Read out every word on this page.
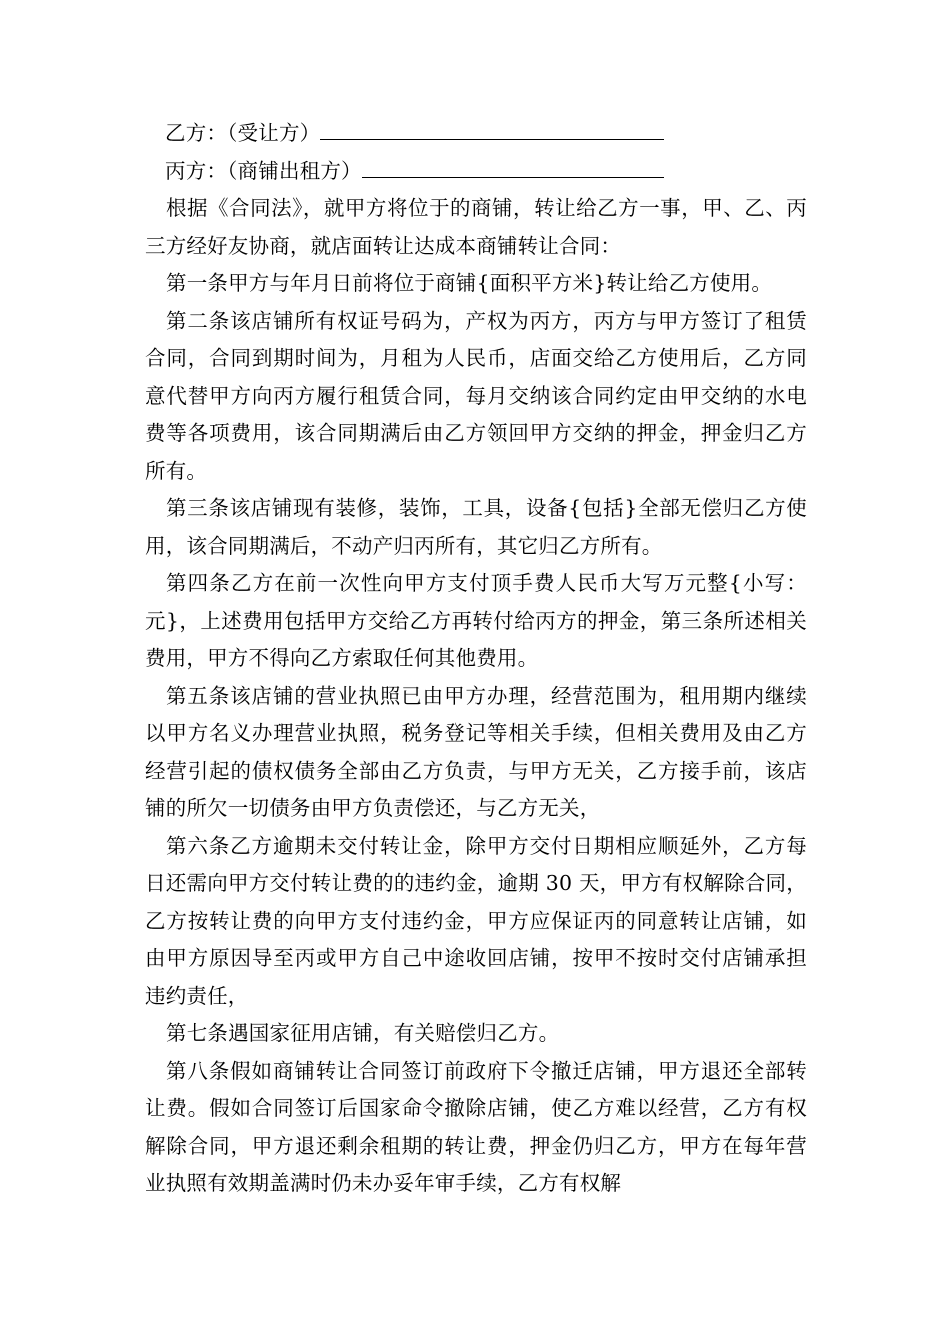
乙方：（受让方）

丙方：（商铺出租方）

根据《合同法》，就甲方将位于的商铺，转让给乙方一事，甲、乙、丙三方经好友协商，就店面转让达成本商铺转让合同：

第一条甲方与年月日前将位于商铺{面积平方米}转让给乙方使用。

第二条该店铺所有权证号码为，产权为丙方，丙方与甲方签订了租赁合同，合同到期时间为，月租为人民币，店面交给乙方使用后，乙方同意代替甲方向丙方履行租赁合同，每月交纳该合同约定由甲交纳的水电费等各项费用，该合同期满后由乙方领回甲方交纳的押金，押金归乙方所有。

第三条该店铺现有装修，装饰，工具，设备{包括}全部无偿归乙方使用，该合同期满后，不动产归丙所有，其它归乙方所有。

第四条乙方在前一次性向甲方支付顶手费人民币大写万元整{小写：元}，上述费用包括甲方交给乙方再转付给丙方的押金，第三条所述相关费用，甲方不得向乙方索取任何其他费用。

第五条该店铺的营业执照已由甲方办理，经营范围为，租用期内继续以甲方名义办理营业执照，税务登记等相关手续，但相关费用及由乙方经营引起的债权债务全部由乙方负责，与甲方无关，乙方接手前，该店铺的所欠一切债务由甲方负责偿还，与乙方无关，

第六条乙方逾期未交付转让金，除甲方交付日期相应顺延外，乙方每日还需向甲方交付转让费的的违约金，逾期 30 天，甲方有权解除合同，乙方按转让费的向甲方支付违约金，甲方应保证丙的同意转让店铺，如由甲方原因导至丙或甲方自己中途收回店铺，按甲不按时交付店铺承担违约责任，

第七条遇国家征用店铺，有关赔偿归乙方。

第八条假如商铺转让合同签订前政府下令撤迁店铺，甲方退还全部转让费。假如合同签订后国家命令撤除店铺，使乙方难以经营，乙方有权解除合同，甲方退还剩余租期的转让费，押金仍归乙方，甲方在每年营业执照有效期盖满时仍未办妥年审手续，乙方有权解
